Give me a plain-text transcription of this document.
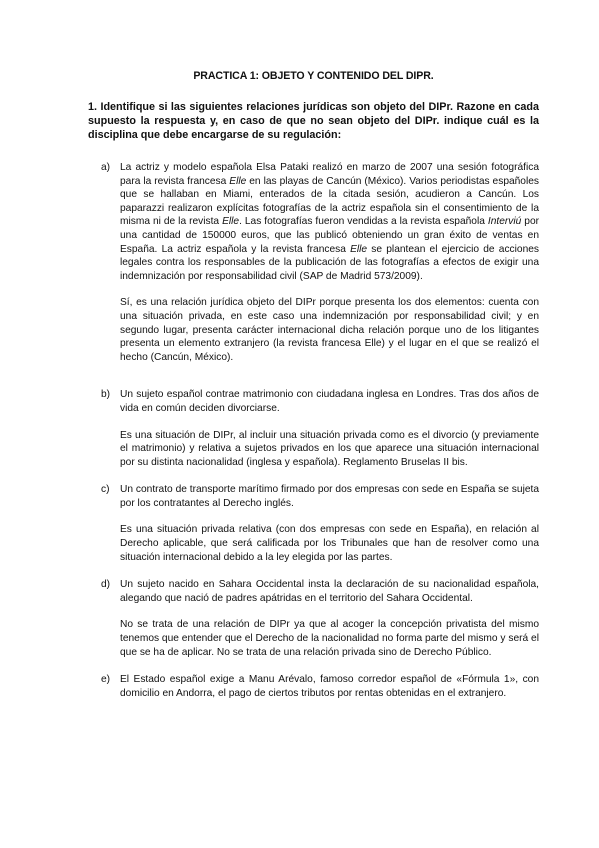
PRACTICA 1: OBJETO Y CONTENIDO DEL DIPR.
1. Identifique si las siguientes relaciones jurídicas son objeto del DIPr. Razone en cada supuesto la respuesta y, en caso de que no sean objeto del DIPr. indique cuál es la disciplina que debe encargarse de su regulación:
a) La actriz y modelo española Elsa Pataki realizó en marzo de 2007 una sesión fotográfica para la revista francesa Elle en las playas de Cancún (México). Varios periodistas españoles que se hallaban en Miami, enterados de la citada sesión, acudieron a Cancún. Los paparazzi realizaron explícitas fotografías de la actriz española sin el consentimiento de la misma ni de la revista Elle. Las fotografías fueron vendidas a la revista española Interviú por una cantidad de 150000 euros, que las publicó obteniendo un gran éxito de ventas en España. La actriz española y la revista francesa Elle se plantean el ejercicio de acciones legales contra los responsables de la publicación de las fotografías a efectos de exigir una indemnización por responsabilidad civil (SAP de Madrid 573/2009).

Sí, es una relación jurídica objeto del DIPr porque presenta los dos elementos: cuenta con una situación privada, en este caso una indemnización por responsabilidad civil; y en segundo lugar, presenta carácter internacional dicha relación porque uno de los litigantes presenta un elemento extranjero (la revista francesa Elle) y el lugar en el que se realizó el hecho (Cancún, México).

b) Un sujeto español contrae matrimonio con ciudadana inglesa en Londres. Tras dos años de vida en común deciden divorciarse.

Es una situación de DIPr, al incluir una situación privada como es el divorcio (y previamente el matrimonio) y relativa a sujetos privados en los que aparece una situación internacional por su distinta nacionalidad (inglesa y española). Reglamento Bruselas II bis.

c) Un contrato de transporte marítimo firmado por dos empresas con sede en España se sujeta por los contratantes al Derecho inglés.

Es una situación privada relativa (con dos empresas con sede en España), en relación al Derecho aplicable, que será calificada por los Tribunales que han de resolver como una situación internacional debido a la ley elegida por las partes.

d) Un sujeto nacido en Sahara Occidental insta la declaración de su nacionalidad española, alegando que nació de padres apátridas en el territorio del Sahara Occidental.

No se trata de una relación de DIPr ya que al acoger la concepción privatista del mismo tenemos que entender que el Derecho de la nacionalidad no forma parte del mismo y será el que se ha de aplicar. No se trata de una relación privada sino de Derecho Público.

e) El Estado español exige a Manu Arévalo, famoso corredor español de «Fórmula 1», con domicilio en Andorra, el pago de ciertos tributos por rentas obtenidas en el extranjero.
